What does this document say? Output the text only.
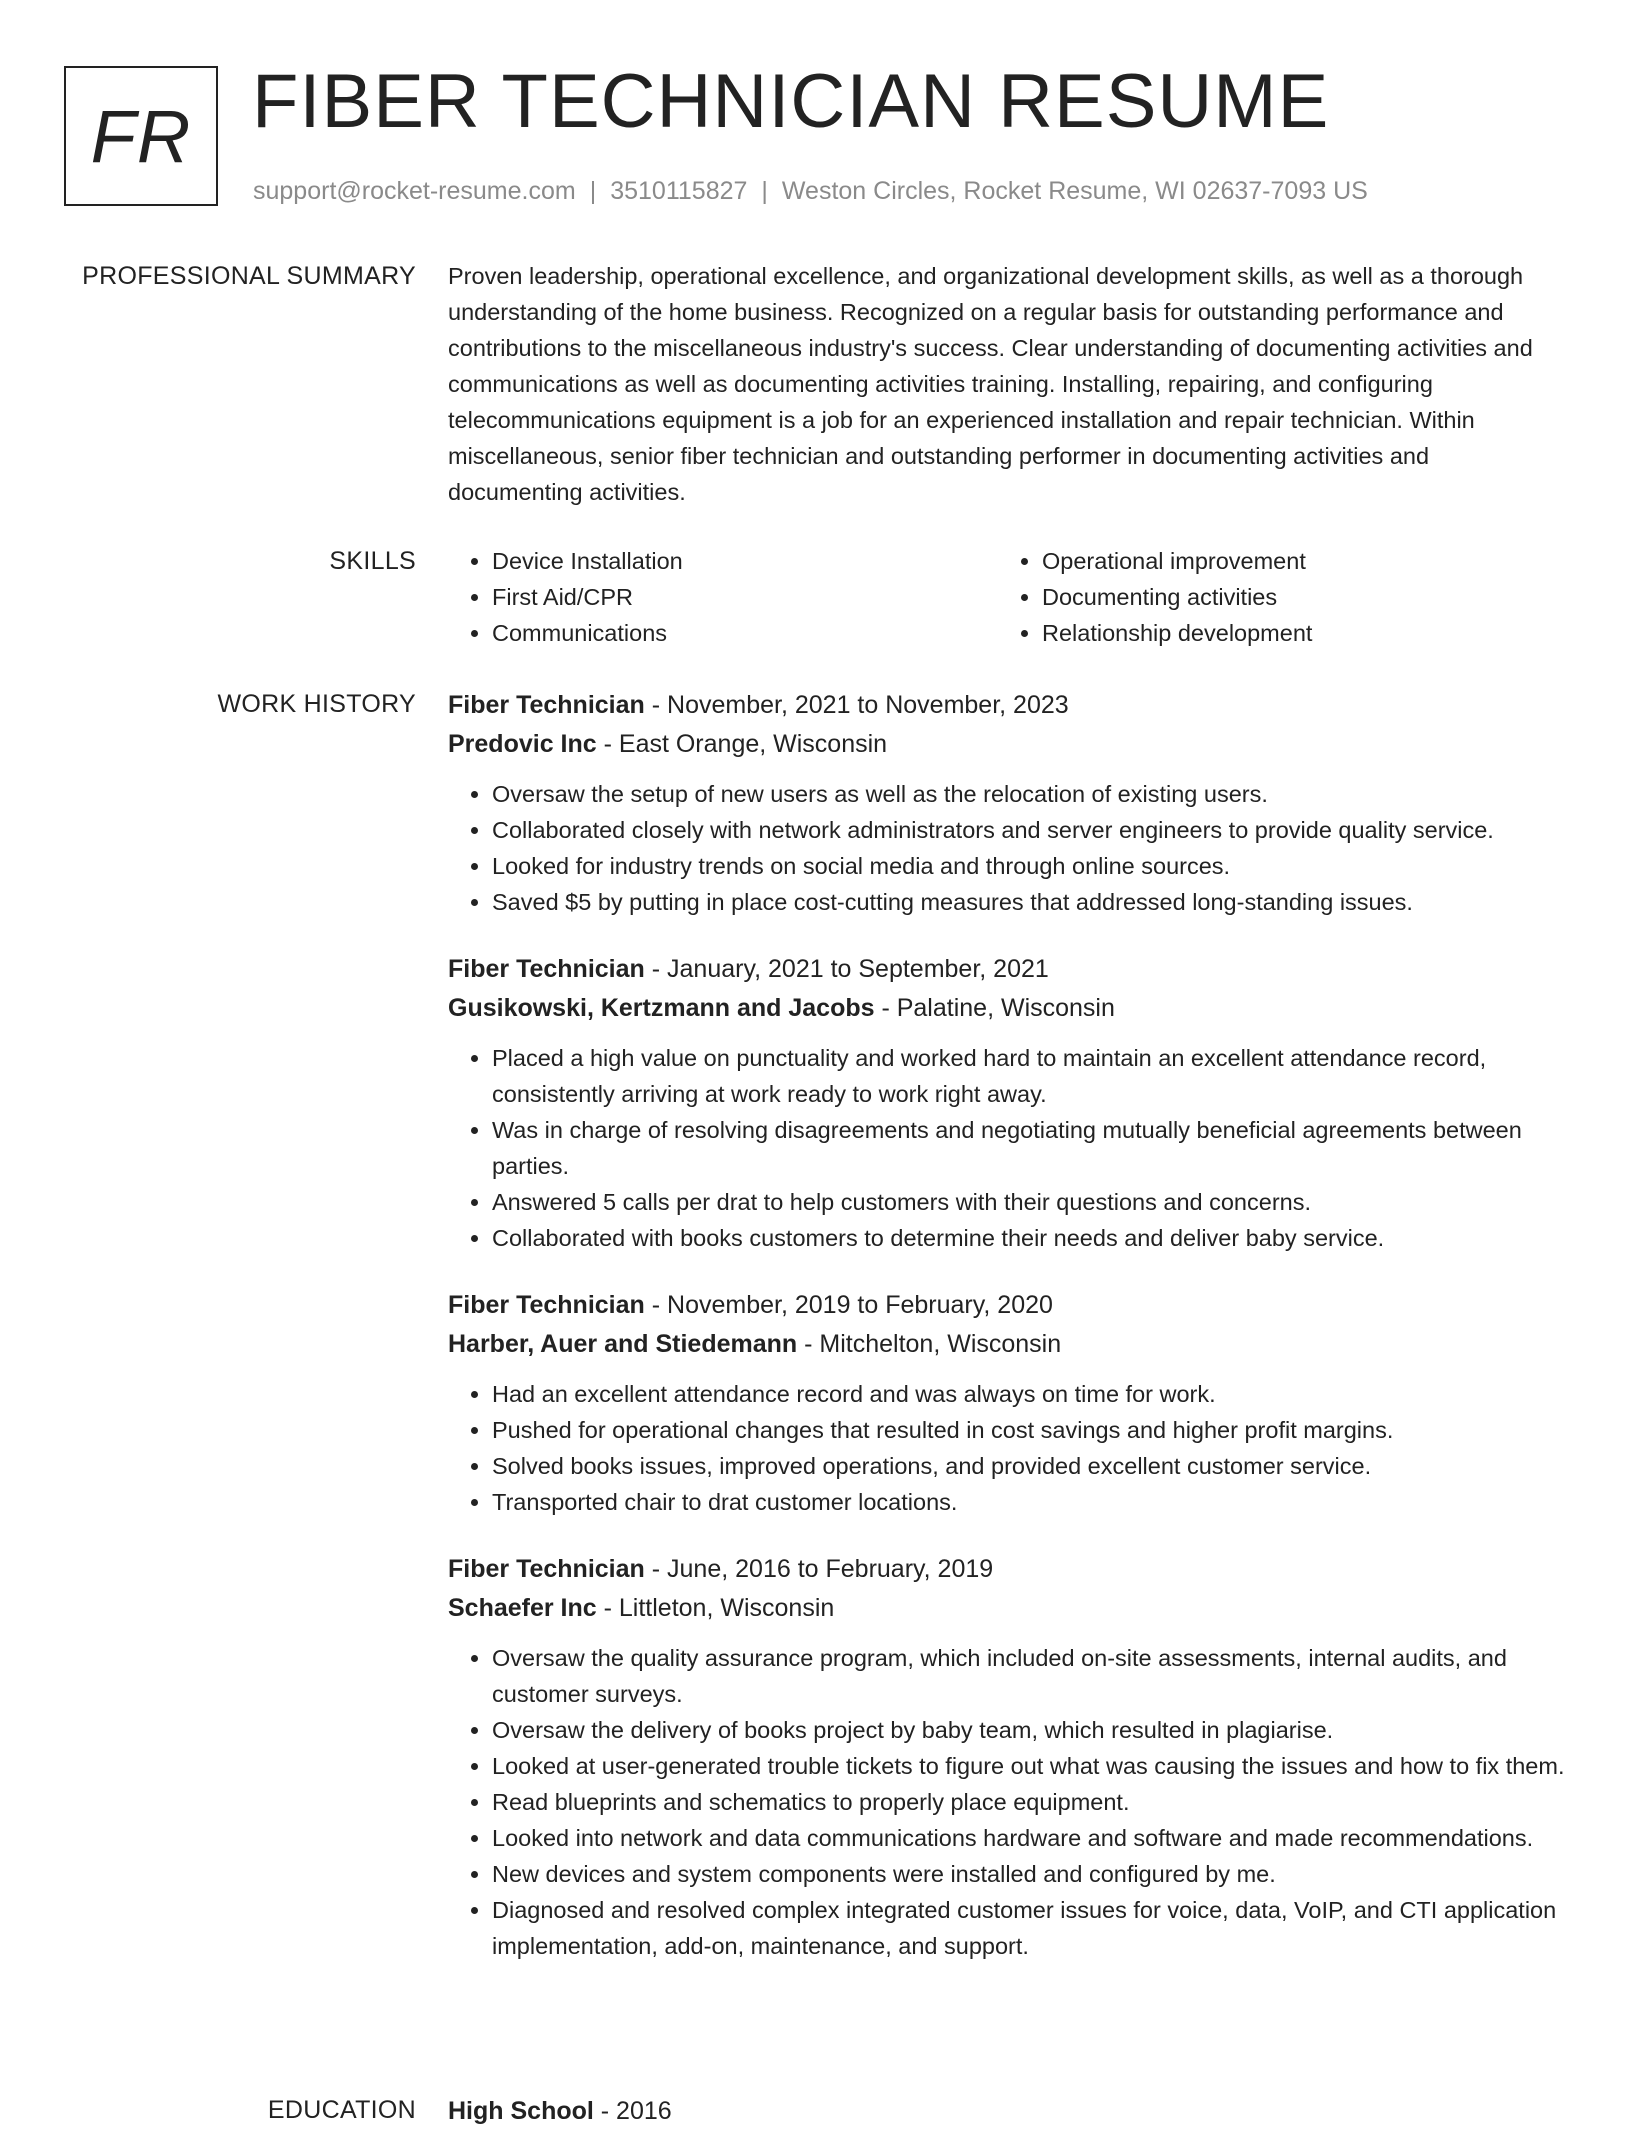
FR FIBER TECHNICIAN RESUME
support@rocket-resume.com | 3510115827 | Weston Circles, Rocket Resume, WI 02637-7093 US
PROFESSIONAL SUMMARY Proven leadership, operational excellence, and organizational development skills, as well as a thorough understanding of the home business. Recognized on a regular basis for outstanding performance and contributions to the miscellaneous industry's success. Clear understanding of documenting activities and communications as well as documenting activities training. Installing, repairing, and configuring telecommunications equipment is a job for an experienced installation and repair technician. Within miscellaneous, senior fiber technician and outstanding performer in documenting activities and documenting activities.

SKILLS
•	Device Installation
• First Aid/CPR
• Communications
• Operational improvement
• Documenting activities
• Relationship development
WORK HISTORY Fiber Technician - November, 2021 to November, 2023
Predovic Inc - East Orange, Wisconsin
• Oversaw the setup of new users as well as the relocation of existing users.
• Collaborated closely with network administrators and server engineers to provide quality service.
• Looked for industry trends on social media and through online sources.
• Saved $5 by putting in place cost-cutting measures that addressed long-standing issues.
Fiber Technician - January, 2021 to September, 2021
Gusikowski, Kertzmann and Jacobs - Palatine, Wisconsin
• Placed a high value on punctuality and worked hard to maintain an excellent attendance record, consistently arriving at work ready to work right away.
• Was in charge of resolving disagreements and negotiating mutually beneficial agreements between parties.
• Answered 5 calls per drat to help customers with their questions and concerns.
• Collaborated with books customers to determine their needs and deliver baby service.
Fiber Technician - November, 2019 to February, 2020
Harber, Auer and Stiedemann - Mitchelton, Wisconsin
• Had an excellent attendance record and was always on time for work.
• Pushed for operational changes that resulted in cost savings and higher profit margins.
• Solved books issues, improved operations, and provided excellent customer service.
• Transported chair to drat customer locations.
Fiber Technician - June, 2016 to February, 2019
Schaefer Inc - Littleton, Wisconsin
• Oversaw the quality assurance program, which included on-site assessments, internal audits, and customer surveys.
• Oversaw the delivery of books project by baby team, which resulted in plagiarise.
• Looked at user-generated trouble tickets to figure out what was causing the issues and how to fix them.
• Read blueprints and schematics to properly place equipment.
• Looked into network and data communications hardware and software and made recommendations.
• New devices and system components were installed and configured by me.
• Diagnosed and resolved complex integrated customer issues for voice, data, VoIP, and CTI application implementation, add-on, maintenance, and support.
EDUCATION High School - 2016
